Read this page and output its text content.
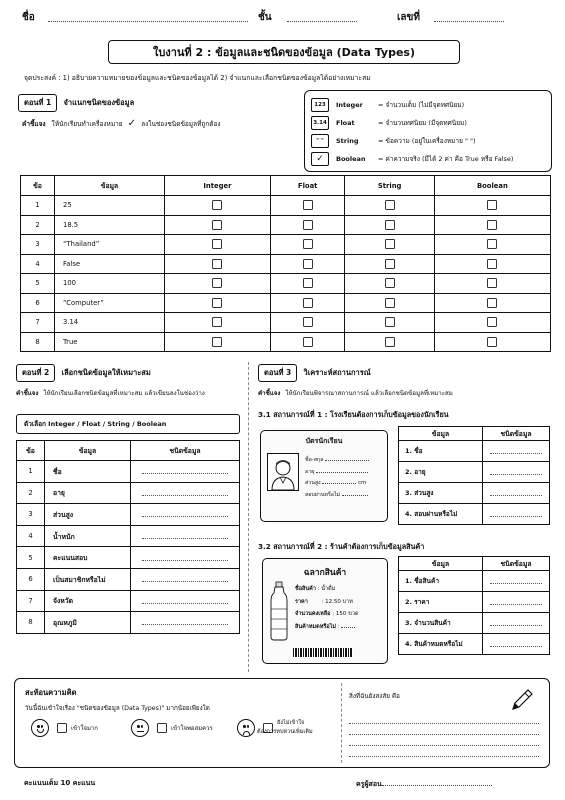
ชื่อ	ชั้น	เลขที่
ใบงานที่ 2 : ข้อมูลและชนิดของข้อมูล (Data Types)
จุดประสงค์ : 1) อธิบายความหมายของข้อมูลและชนิดของข้อมูลได้ 2) จำแนกและเลือกชนิดของข้อมูลได้อย่างเหมาะสม
ตอนที่ 1 จำแนกชนิดของข้อมูล
คำชี้แจง ให้นักเรียนทำเครื่องหมาย ✓ ลงในช่องชนิดข้อมูลที่ถูกต้อง
123	Integer	= จำนวนเต็ม (ไม่มีจุดทศนิยม)
3.14	Float	= จำนวนทศนิยม (มีจุดทศนิยม)
" "	String	= ข้อความ (อยู่ในเครื่องหมาย " ")
✓	Boolean	= ค่าความจริง (มีได้ 2 ค่า คือ True หรือ False)
ข้อ	ข้อมูล	Integer	Float	String	Boolean
1	25				
2	18.5				
3	“Thailand”				
4	False				
5	100				
6	“Computer”				
7	3.14				
8	True				
ตอนที่ 2 เลือกชนิดข้อมูลให้เหมาะสม
คำชี้แจง ให้นักเรียนเลือกชนิดข้อมูลที่เหมาะสม แล้วเขียนลงในช่องว่าง
ตัวเลือก Integer / Float / String / Boolean
ข้อ	ข้อมูล	ชนิดข้อมูล
1	ชื่อ	
2	อายุ	
3	ส่วนสูง	
4	น้ำหนัก	
5	คะแนนสอบ	
6	เป็นสมาชิกหรือไม่	
7	จังหวัด	
8	อุณหภูมิ	
ตอนที่ 3 วิเคราะห์สถานการณ์
คำชี้แจง ให้นักเรียนพิจารณาสถานการณ์ แล้วเลือกชนิดข้อมูลที่เหมาะสม
3.1 สถานการณ์ที่ 1 : โรงเรียนต้องการเก็บข้อมูลของนักเรียน
บัตรนักเรียน
ชื่อ-สกุล
อายุ
ส่วนสูง	cm
สอบผ่านหรือไม่
ข้อมูล	ชนิดข้อมูล
1. ชื่อ	
2. อายุ	
3. ส่วนสูง	
4. สอบผ่านหรือไม่	
3.2 สถานการณ์ที่ 2 : ร้านค้าต้องการเก็บข้อมูลสินค้า
ฉลากสินค้า
ชื่อสินค้า : น้ำดื่ม
ราคา	: 12.50 บาท
จำนวนคงเหลือ : 150 ขวด
สินค้าหมดหรือไม่ :
ข้อมูล	ชนิดข้อมูล
1. ชื่อสินค้า	
2. ราคา	
3. จำนวนสินค้า	
4. สินค้าหมดหรือไม่	
สะท้อนความคิด
วันนี้ฉันเข้าใจเรื่อง "ชนิดของข้อมูล (Data Types)" มากน้อยเพียงใด
เข้าใจมาก	เข้าใจพอสมควร
ยังไม่เข้าใจ
ต้องการทบทวนเพิ่มเติม
สิ่งที่ฉันยังสงสัย คือ
คะแนนเต็ม 10 คะแนน	ครูผู้สอน
